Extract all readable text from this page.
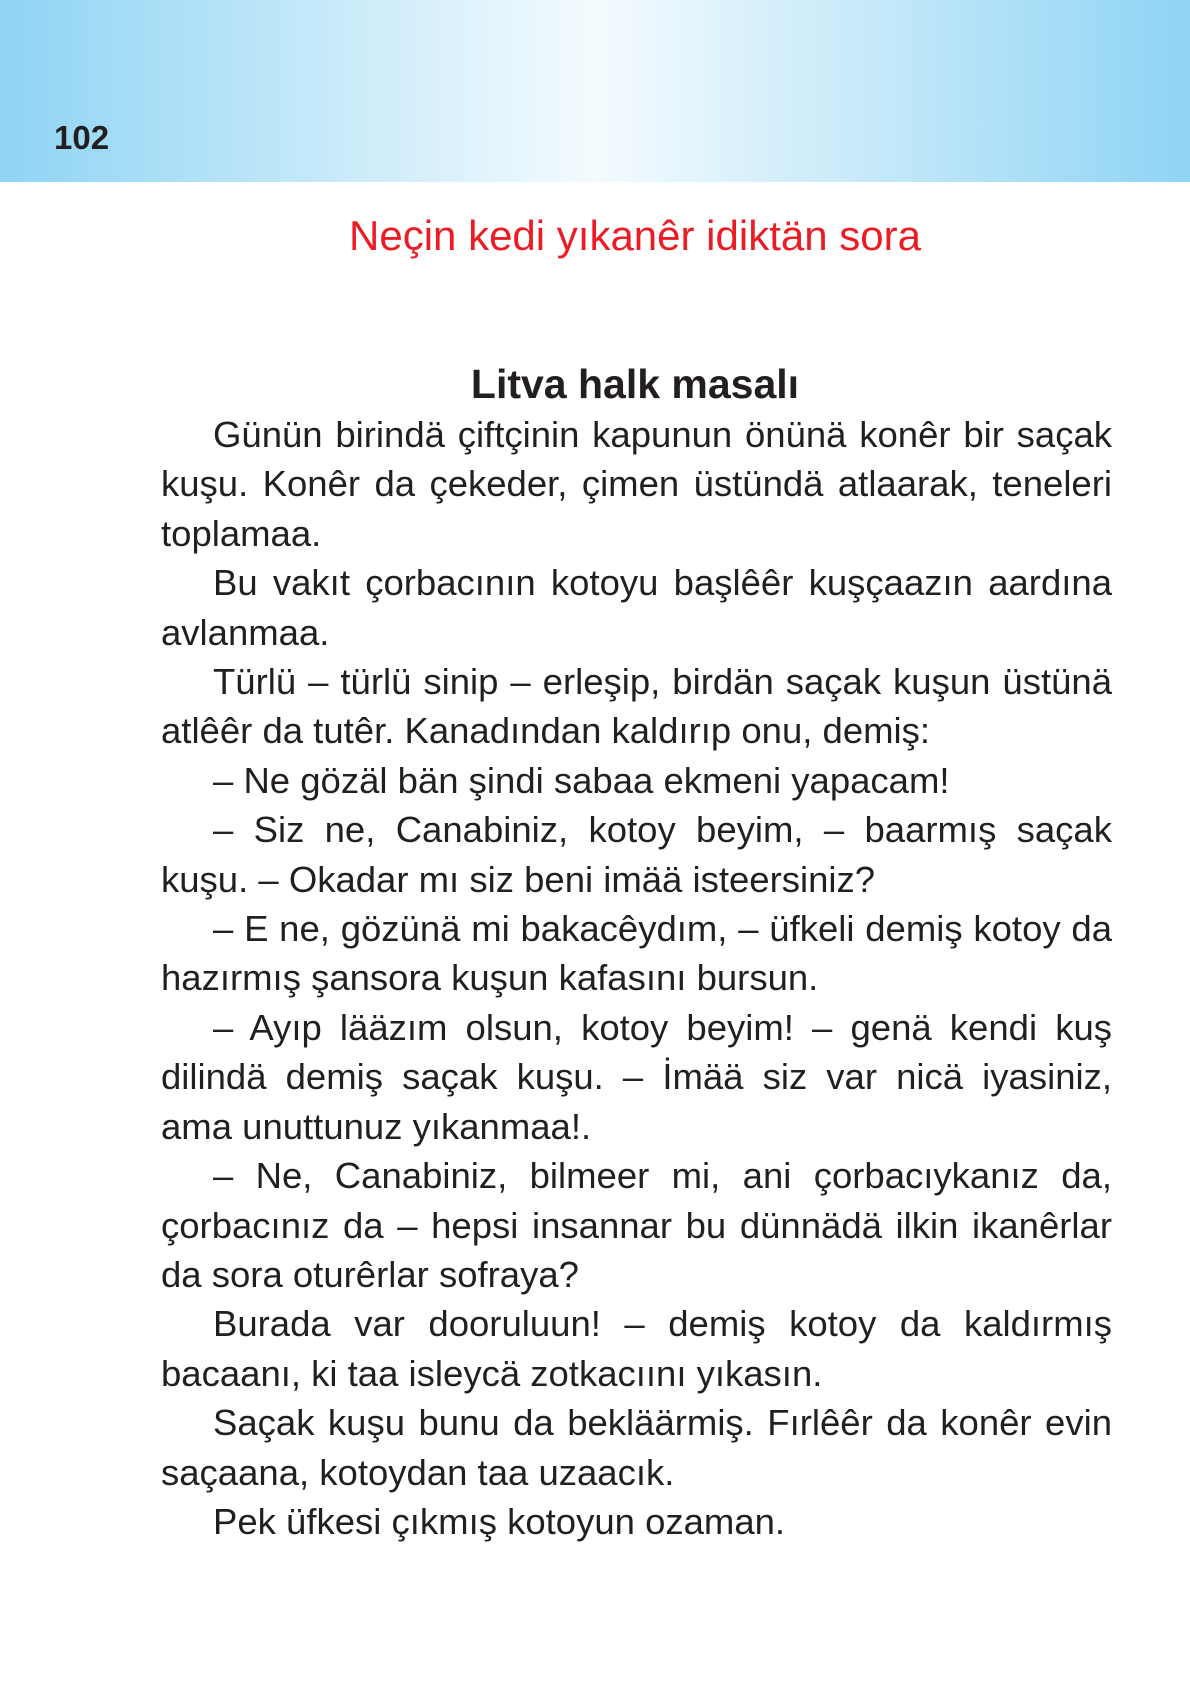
102
Neçin kedi yıkanêr idiktän sora
Litva halk masalı

Günün birindä çiftçinin kapunun önünä konêr bir saçak kuşu. Konêr da çekeder, çimen üstündä atlaarak, teneleri toplamaa.

Bu vakıt çorbacının kotoyu başlêêr kuşçaazın aardına avlanmaa.

Türlü – türlü sinip – erleşip, birdän saçak kuşun üstünä atlêêr da tutêr. Kanadından kaldırıp onu, demiş:

– Ne gözäl bän şindi sabaa ekmeni yapacam!

– Siz ne, Canabiniz, kotoy beyim, – baarmış saçak kuşu. – Okadar mı siz beni imää isteersiniz?

– E ne, gözünä mi bakacêydım, – üfkeli demiş kotoy da hazırmış şansora kuşun kafasını bursun.

– Ayıp lääzım olsun, kotoy beyim! – genä kendi kuş dilindä demiş saçak kuşu. – İmää siz var nicä iyasiniz, ama unuttunuz yıkanmaa!.

– Ne, Canabiniz, bilmeer mi, ani çorbacıykanız da, çorbacınız da – hepsi insannar bu dünnädä ilkin ikanêrlar da sora oturêrlar sofraya?

Burada var dooruluun! – demiş kotoy da kaldırmış bacaanı, ki taa isleycä zotkacıını yıkasın.

Saçak kuşu bunu da bekläärmiş. Fırlêêr da konêr evin saçaana, kotoydan taa uzaacık.

Pek üfkesi çıkmış kotoyun ozaman.
